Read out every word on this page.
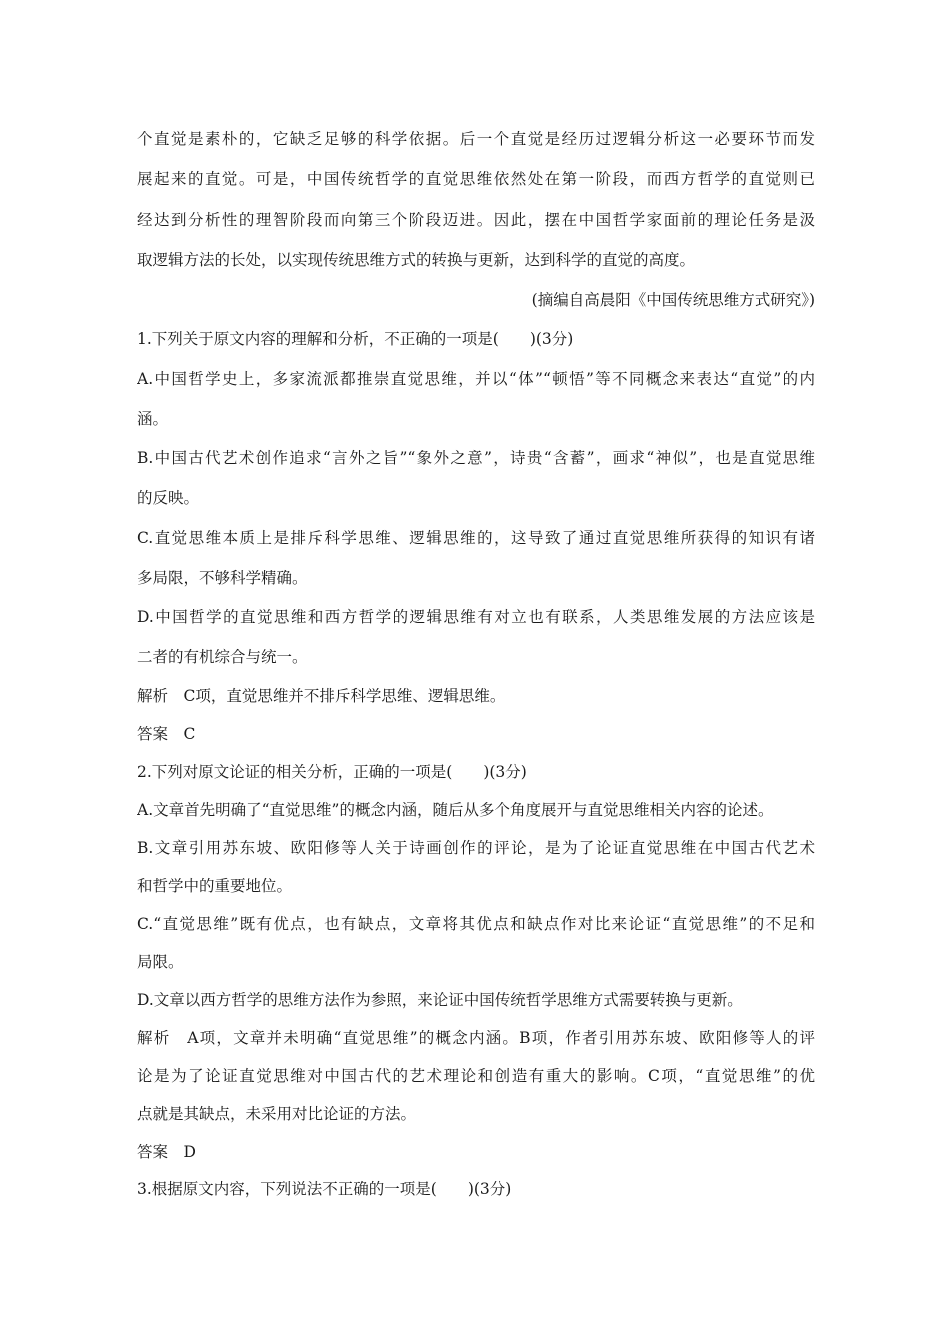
个直觉是素朴的，它缺乏足够的科学依据。后一个直觉是经历过逻辑分析这一必要环节而发
展起来的直觉。可是，中国传统哲学的直觉思维依然处在第一阶段，而西方哲学的直觉则已
经达到分析性的理智阶段而向第三个阶段迈进。因此，摆在中国哲学家面前的理论任务是汲
取逻辑方法的长处，以实现传统思维方式的转换与更新，达到科学的直觉的高度。
(摘编自高晨阳《中国传统思维方式研究》)
1.下列关于原文内容的理解和分析，不正确的一项是(　　)(3分)
A.中国哲学史上，多家流派都推崇直觉思维，并以“体”“顿悟”等不同概念来表达“直觉”的内
涵。
B.中国古代艺术创作追求“言外之旨”“象外之意”，诗贵“含蓄”，画求“神似”，也是直觉思维
的反映。
C.直觉思维本质上是排斥科学思维、逻辑思维的，这导致了通过直觉思维所获得的知识有诸
多局限，不够科学精确。
D.中国哲学的直觉思维和西方哲学的逻辑思维有对立也有联系，人类思维发展的方法应该是
二者的有机综合与统一。
解析　C项，直觉思维并不排斥科学思维、逻辑思维。
答案　C
2.下列对原文论证的相关分析，正确的一项是(　　)(3分)
A.文章首先明确了“直觉思维”的概念内涵，随后从多个角度展开与直觉思维相关内容的论述。
B.文章引用苏东坡、欧阳修等人关于诗画创作的评论，是为了论证直觉思维在中国古代艺术
和哲学中的重要地位。
C.“直觉思维”既有优点，也有缺点，文章将其优点和缺点作对比来论证“直觉思维”的不足和
局限。
D.文章以西方哲学的思维方法作为参照，来论证中国传统哲学思维方式需要转换与更新。
解析　A项，文章并未明确“直觉思维”的概念内涵。B项，作者引用苏东坡、欧阳修等人的评
论是为了论证直觉思维对中国古代的艺术理论和创造有重大的影响。C项，“直觉思维”的优
点就是其缺点，未采用对比论证的方法。
答案　D
3.根据原文内容，下列说法不正确的一项是(　　)(3分)
